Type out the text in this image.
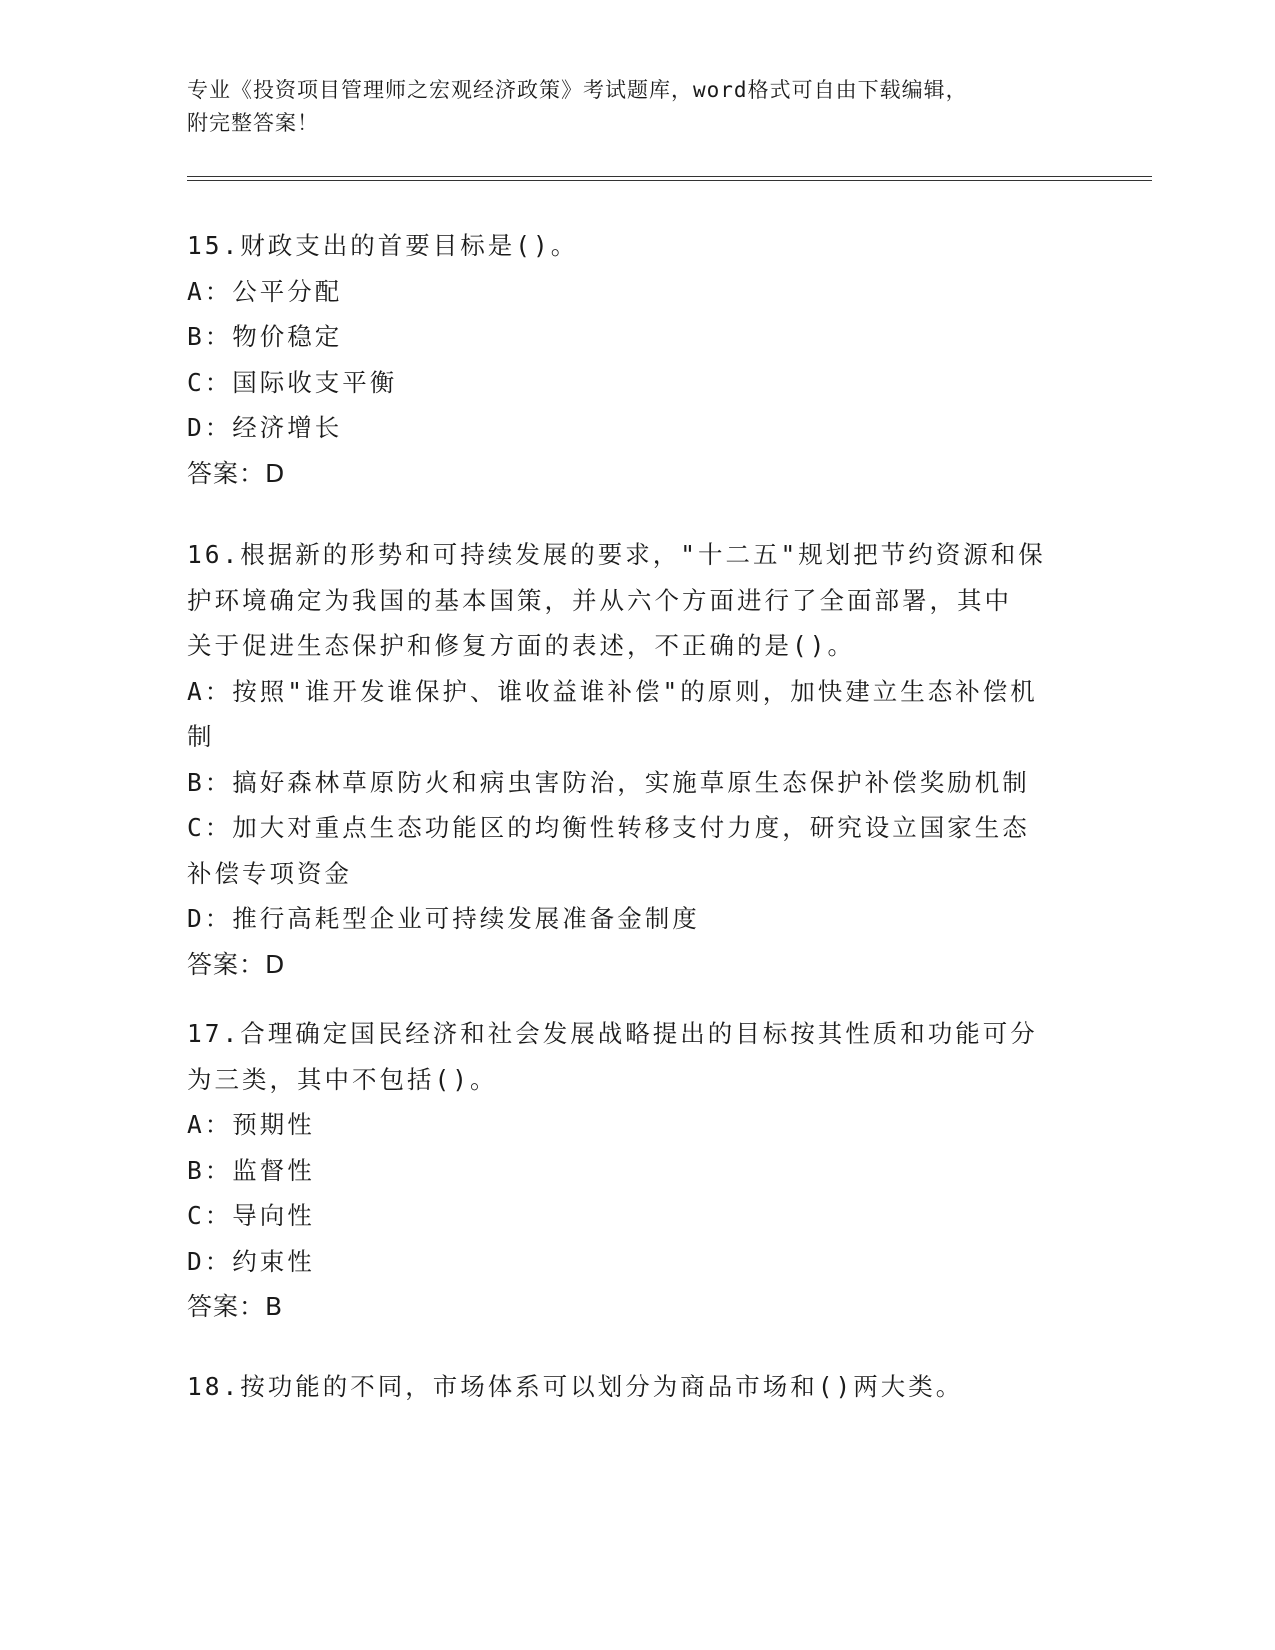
专业《投资项目管理师之宏观经济政策》考试题库，word格式可自由下载编辑，

附完整答案！

15.财政支出的首要目标是()。

A：公平分配

B：物价稳定

C：国际收支平衡

D：经济增长

答案：D

16.根据新的形势和可持续发展的要求，"十二五"规划把节约资源和保

护环境确定为我国的基本国策，并从六个方面进行了全面部署，其中

关于促进生态保护和修复方面的表述，不正确的是()。

A：按照"谁开发谁保护、谁收益谁补偿"的原则，加快建立生态补偿机

制

B：搞好森林草原防火和病虫害防治，实施草原生态保护补偿奖励机制

C：加大对重点生态功能区的均衡性转移支付力度，研究设立国家生态

补偿专项资金

D：推行高耗型企业可持续发展准备金制度

答案：D

17.合理确定国民经济和社会发展战略提出的目标按其性质和功能可分

为三类，其中不包括()。

A：预期性

B：监督性

C：导向性

D：约束性

答案：B

18.按功能的不同，市场体系可以划分为商品市场和()两大类。
